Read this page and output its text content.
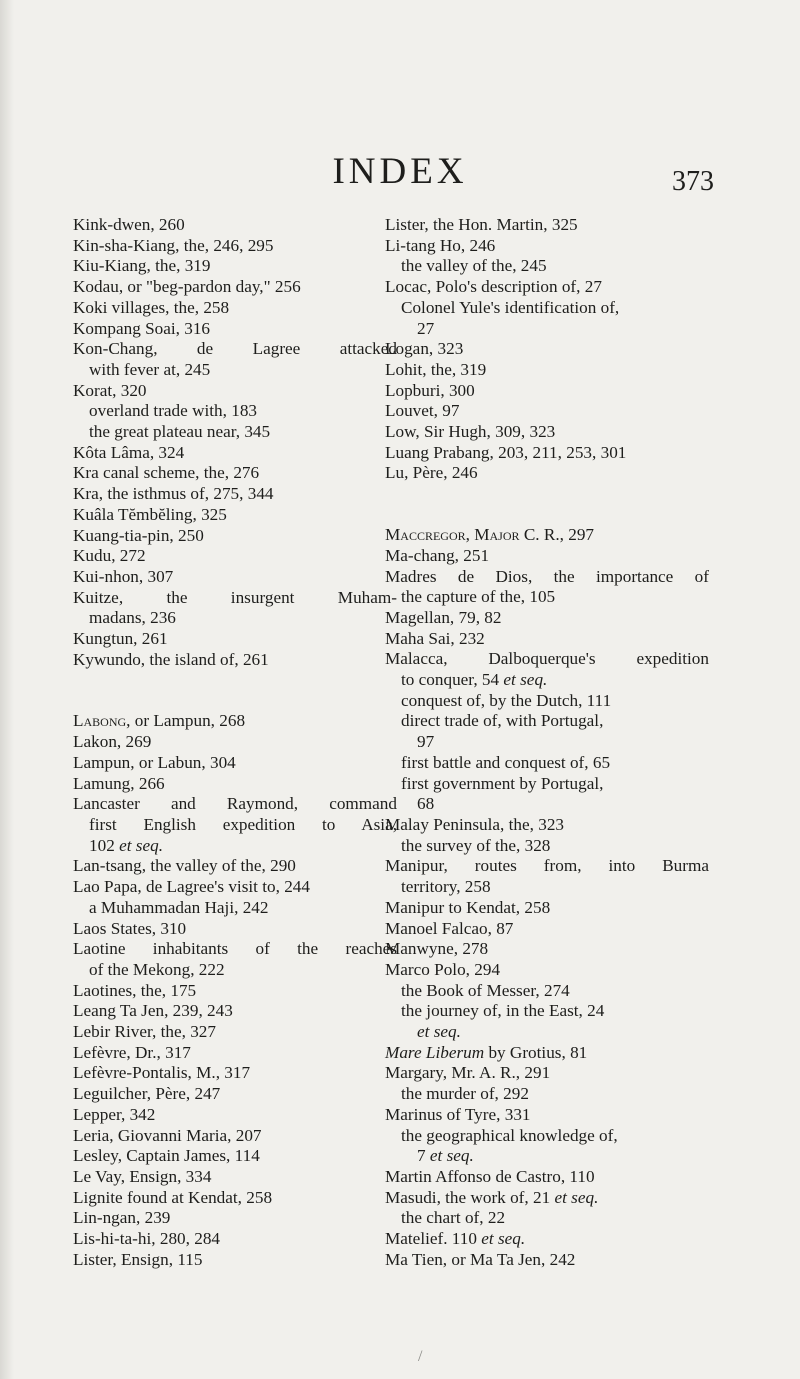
INDEX	373
Kink-dwen, 260
Kin-sha-Kiang, the, 246, 295
Kiu-Kiang, the, 319
Kodau, or "beg-pardon day," 256
Koki villages, the, 258
Kompang Soai, 316
Kon-Chang, de Lagree attacked
with fever at, 245
Korat, 320
overland trade with, 183
the great plateau near, 345
Kôta Lâma, 324
Kra canal scheme, the, 276
Kra, the isthmus of, 275, 344
Kuâla Tĕmbĕling, 325
Kuang-tia-pin, 250
Kudu, 272
Kui-nhon, 307
Kuitze, the insurgent Muham-
madans, 236
Kungtun, 261
Kywundo, the island of, 261
Labong, or Lampun, 268
Lakon, 269
Lampun, or Labun, 304
Lamung, 266
Lancaster and Raymond, command
first English expedition to Asia,
102 et seq.
Lan-tsang, the valley of the, 290
Lao Papa, de Lagree's visit to, 244
a Muhammadan Haji, 242
Laos States, 310
Laotine inhabitants of the reaches
of the Mekong, 222
Laotines, the, 175
Leang Ta Jen, 239, 243
Lebir River, the, 327
Lefèvre, Dr., 317
Lefèvre-Pontalis, M., 317
Leguilcher, Père, 247
Lepper, 342
Leria, Giovanni Maria, 207
Lesley, Captain James, 114
Le Vay, Ensign, 334
Lignite found at Kendat, 258
Lin-ngan, 239
Lis-hi-ta-hi, 280, 284
Lister, Ensign, 115
Lister, the Hon. Martin, 325
Li-tang Ho, 246
the valley of the, 245
Locac, Polo's description of, 27
Colonel Yule's identification of,
27
Logan, 323
Lohit, the, 319
Lopburi, 300
Louvet, 97
Low, Sir Hugh, 309, 323
Luang Prabang, 203, 211, 253, 301
Lu, Père, 246
Maccregor, Major C. R., 297
Ma-chang, 251
Madres de Dios, the importance of
the capture of the, 105
Magellan, 79, 82
Maha Sai, 232
Malacca, Dalboquerque's expedition
to conquer, 54 et seq.
conquest of, by the Dutch, 111
direct trade of, with Portugal,
97
first battle and conquest of, 65
first government by Portugal,
68
Malay Peninsula, the, 323
the survey of the, 328
Manipur, routes from, into Burma
territory, 258
Manipur to Kendat, 258
Manoel Falcao, 87
Manwyne, 278
Marco Polo, 294
the Book of Messer, 274
the journey of, in the East, 24
et seq.
Mare Liberum by Grotius, 81
Margary, Mr. A. R., 291
the murder of, 292
Marinus of Tyre, 331
the geographical knowledge of,
7 et seq.
Martin Affonso de Castro, 110
Masudi, the work of, 21 et seq.
the chart of, 22
Matelief. 110 et seq.
Ma Tien, or Ma Ta Jen, 242
/
